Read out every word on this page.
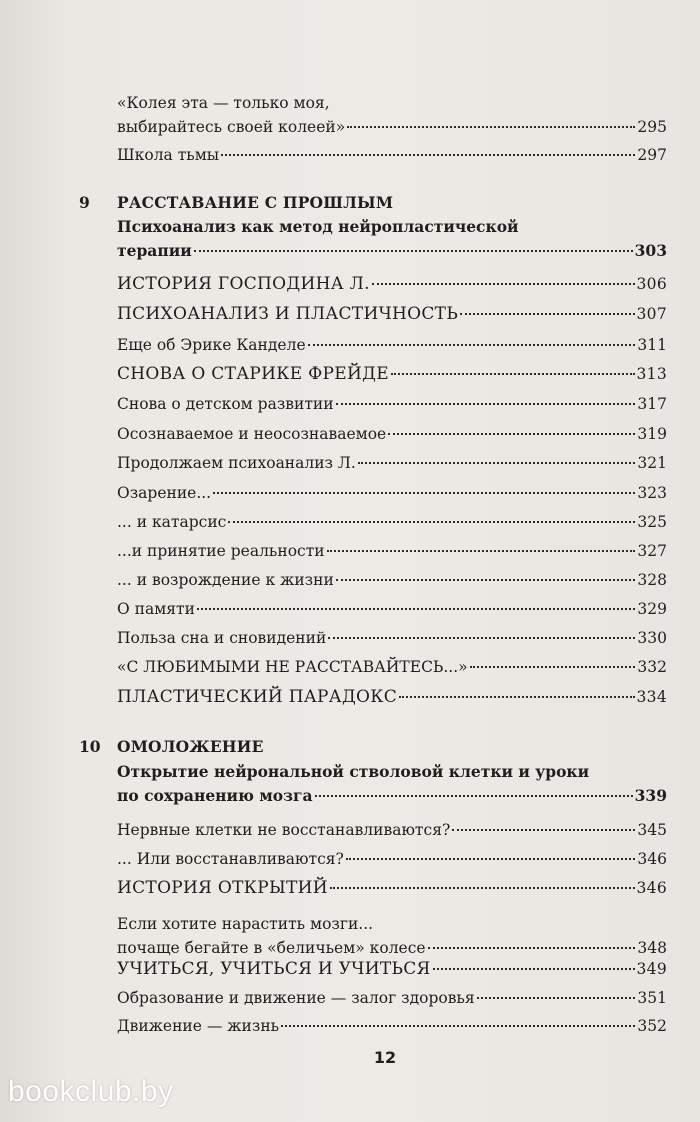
«Колея эта — только моя,
выбирайтесь своей колеей»	295
Школа тьмы	297
9 РАССТАВАНИЕ С ПРОШЛЫМ
Психоанализ как метод нейропластической
терапии	303
ИСТОРИЯ ГОСПОДИНА Л.	306
ПСИХОАНАЛИЗ И ПЛАСТИЧНОСТЬ	307
Еще об Эрике Канделе	311
СНОВА О СТАРИКЕ ФРЕЙДЕ	313
Снова о детском развитии	317
Осознаваемое и неосознаваемое	319
Продолжаем психоанализ Л.	321
Озарение...	323
... и катарсис	325
...и принятие реальности	327
... и возрождение к жизни	328
О памяти	329
Польза сна и сновидений	330
«С ЛЮБИМЫМИ НЕ РАССТАВАЙТЕСЬ...»	332
ПЛАСТИЧЕСКИЙ ПАРАДОКС	334
10 ОМОЛОЖЕНИЕ
Открытие нейрональной стволовой клетки и уроки
по сохранению мозга	339
Нервные клетки не восстанавливаются?	345
... Или восстанавливаются?	346
ИСТОРИЯ ОТКРЫТИЙ	346
Если хотите нарастить мозги...
почаще бегайте в «беличьем» колесе	348
УЧИТЬСЯ, УЧИТЬСЯ И УЧИТЬСЯ	349
Образование и движение — залог здоровья	351
Движение — жизнь	352
12
bookclub.by
